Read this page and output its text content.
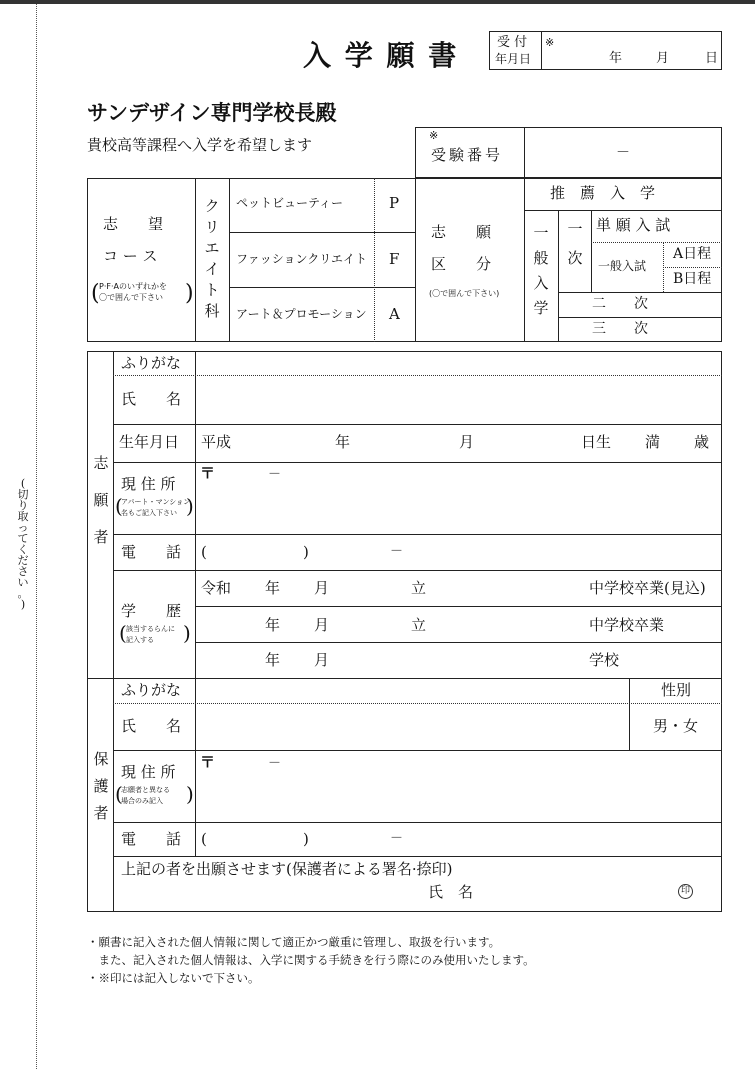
(
切
り
取
っ
て
く
だ
さ
い
。
)
入 学 願 書	受 付
年月日
※
年	月	日
サンデザイン専門学校長殿
貴校高等課程へ入学を希望します
※
受験番号	－
志　　望
コ ー ス
( P·F·Aのいずれかを
〇で囲んで下さい )
ク
リ
エ
イ
ト
科
ペットビューティー	P
ファッションクリエイト F
アート＆プロモーション A
志　　願
区　　分
(〇で囲んで下さい)
推　薦　入　学
一
般
入
学
一
次
単 願 入 試
一般入試
A日程
B日程
二　　次
三　　次
志
願
者
ふりがな
氏　　名
生年月日 平成	年	月	日生 満 歳
現 住 所
(
アパート・マンション
名もご記入下さい )
〒	－
電　　話 (	)	－
学　　歴
( 該当するらんに
記入する )
令和 年 月	立	中学校卒業(見込)
年 月	立	中学校卒業
年 月	学校
保
護
者
ふりがな	性別
氏　　名	男・女
現 住 所
(
志願者と異なる
場合のみ記入 )
〒	－
電　　話 (	)	－
上記の者を出願させます(保護者による署名·捺印)
氏　名	印
・願書に記入された個人情報に関して適正かつ厳重に管理し、取扱を行います。
　また、記入された個人情報は、入学に関する手続きを行う際にのみ使用いたします。
・※印には記入しないで下さい。
